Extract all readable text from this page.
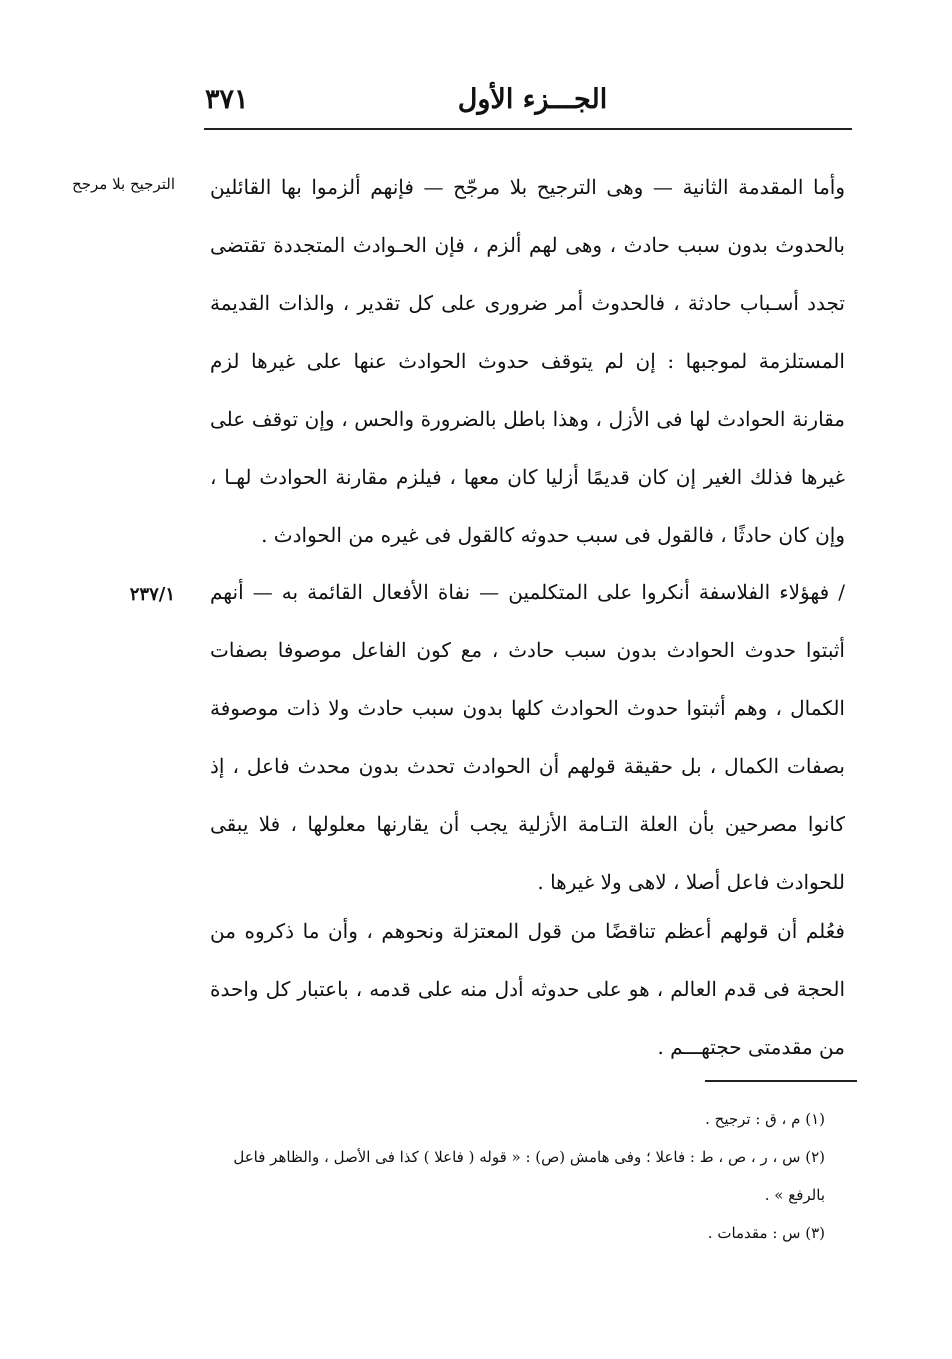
٣٧١	الجـــزء الأول
الترجيح بلا مرجح
٢٣٧/١

وأما المقدمة الثانية — وهى الترجيح بلا مرجّح — فإنهم ألزموا بها القائلين بالحدوث بدون سبب حادث ، وهى لهم ألزم ، فإن الحـوادث المتجددة تقتضى تجدد أسـباب حادثة ، فالحدوث أمر ضرورى على كل تقدير ، والذات القديمة المستلزمة لموجبها : إن لم يتوقف حدوث الحوادث عنها على غيرها لزم مقارنة الحوادث لها فى الأزل ، وهذا باطل بالضرورة والحس ، وإن توقف على غيرها فذلك الغير إن كان قديمًا أزليا كان معها ، فيلزم مقارنة الحوادث لهـا ، وإن كان حادثًا ، فالقول فى سبب حدوثه كالقول فى غيره من الحوادث .

/ فهؤلاء الفلاسفة أنكروا على المتكلمين — نفاة الأفعال القائمة به — أنهم أثبتوا حدوث الحوادث بدون سبب حادث ، مع كون الفاعل موصوفا بصفات الكمال ، وهم أثبتوا حدوث الحوادث كلها بدون سبب حادث ولا ذات موصوفة بصفات الكمال ، بل حقيقة قولهم أن الحوادث تحدث بدون محدث فاعل ، إذ كانوا مصرحين بأن العلة التـامة الأزلية يجب أن يقارنها معلولها ، فلا يبقى للحوادث فاعل أصلا ، لاهى ولا غيرها .

فعُلم أن قولهم أعظم تناقضًا من قول المعتزلة ونحوهم ، وأن ما ذكروه من الحجة فى قدم العالم ، هو على حدوثه أدل منه على قدمه ، باعتبار كل واحدة من مقدمتى حجتهـــم .

(١) م ، ق : ترجيح .

(٢) س ، ر ، ص ، ط : فاعلا ؛ وفى هامش (ص) : « قوله ( فاعلا ) كذا فى الأصل ، والظاهر فاعل بالرفع » .

(٣) س : مقدمات .
